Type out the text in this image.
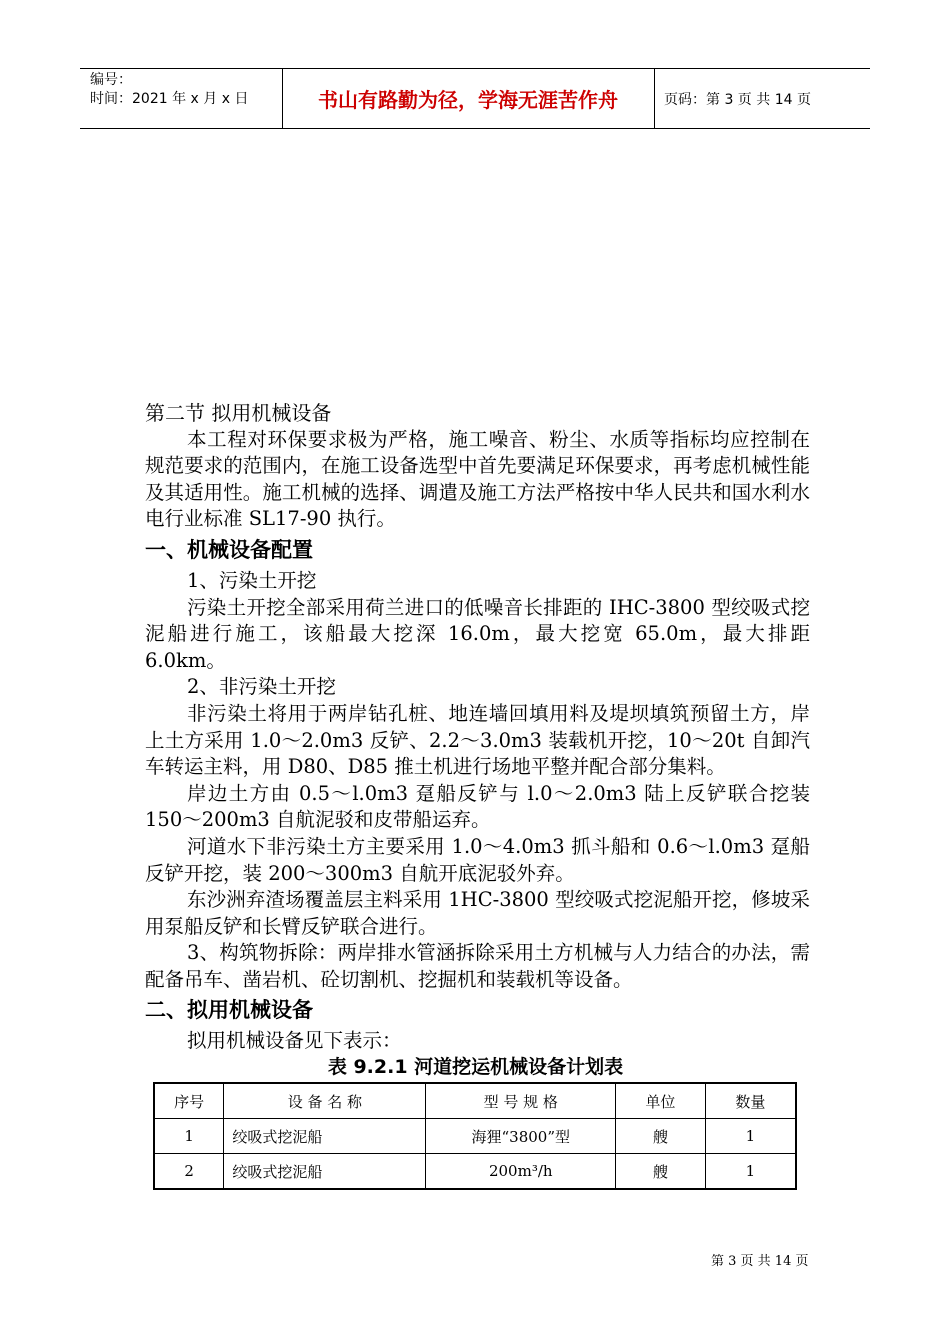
编号：
时间：2021 年 x 月 x 日	书山有路勤为径，学海无涯苦作舟	页码：第 3 页 共 14 页
第二节 拟用机械设备

本工程对环保要求极为严格，施工噪音、粉尘、水质等指标均应控制在规范要求的范围内，在施工设备选型中首先要满足环保要求，再考虑机械性能及其适用性。施工机械的选择、调遣及施工方法严格按中华人民共和国水利水电行业标准 SL17-90 执行。

一、机械设备配置
1、污染土开挖

污染土开挖全部采用荷兰进口的低噪音长排距的 IHC-3800 型绞吸式挖泥船进行施工，该船最大挖深 16.0m，最大挖宽 65.0m，最大排距 6.0km。

2、非污染土开挖

非污染土将用于两岸钻孔桩、地连墙回填用料及堤坝填筑预留土方，岸上土方采用 1.0～2.0m3 反铲、2.2～3.0m3 装载机开挖，10～20t 自卸汽车转运主料，用 D80、D85 推土机进行场地平整并配合部分集料。

岸边土方由 0.5～l.0m3 趸船反铲与 l.0～2.0m3 陆上反铲联合挖装 150～200m3 自航泥驳和皮带船运弃。

河道水下非污染土方主要采用 1.0～4.0m3 抓斗船和 0.6～l.0m3 趸船反铲开挖，装 200～300m3 自航开底泥驳外弃。

东沙洲弃渣场覆盖层主料采用 1HC-3800 型绞吸式挖泥船开挖，修坡采用泵船反铲和长臂反铲联合进行。

3、构筑物拆除：两岸排水管涵拆除采用土方机械与人力结合的办法，需配备吊车、凿岩机、砼切割机、挖掘机和装载机等设备。

二、拟用机械设备
拟用机械设备见下表示：
表 9.2.1 河道挖运机械设备计划表
序号	设 备 名 称	型 号 规 格	单位	数量
1	绞吸式挖泥船	海狸“3800”型	艘	1
2	绞吸式挖泥船	200m³/h	艘	1
第 3 页 共 14 页
